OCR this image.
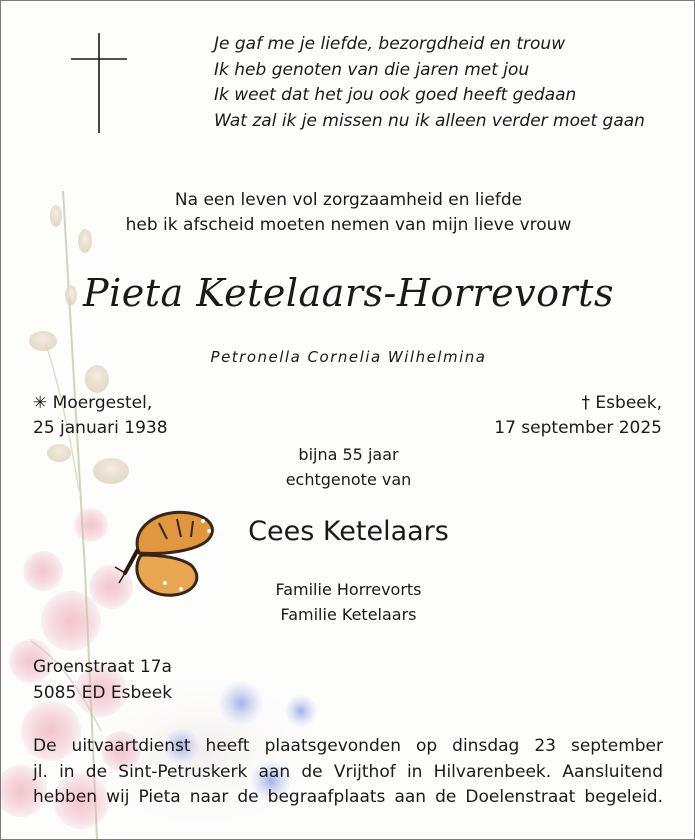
Je gaf me je liefde, bezorgdheid en trouw
Ik heb genoten van die jaren met jou
Ik weet dat het jou ook goed heeft gedaan
Wat zal ik je missen nu ik alleen verder moet gaan
Na een leven vol zorgzaamheid en liefde
heb ik afscheid moeten nemen van mijn lieve vrouw
Pieta Ketelaars-Horrevorts
Petronella Cornelia Wilhelmina
✳ Moergestel,
25 januari 1938
† Esbeek,
17 september 2025
bijna 55 jaar
echtgenote van
Cees Ketelaars
Familie Horrevorts
Familie Ketelaars
Groenstraat 17a
5085 ED Esbeek
De uitvaartdienst heeft plaatsgevonden op dinsdag 23 september
jl. in de Sint-Petruskerk aan de Vrijthof in Hilvarenbeek. Aansluitend
hebben wij Pieta naar de begraafplaats aan de Doelenstraat begeleid.
